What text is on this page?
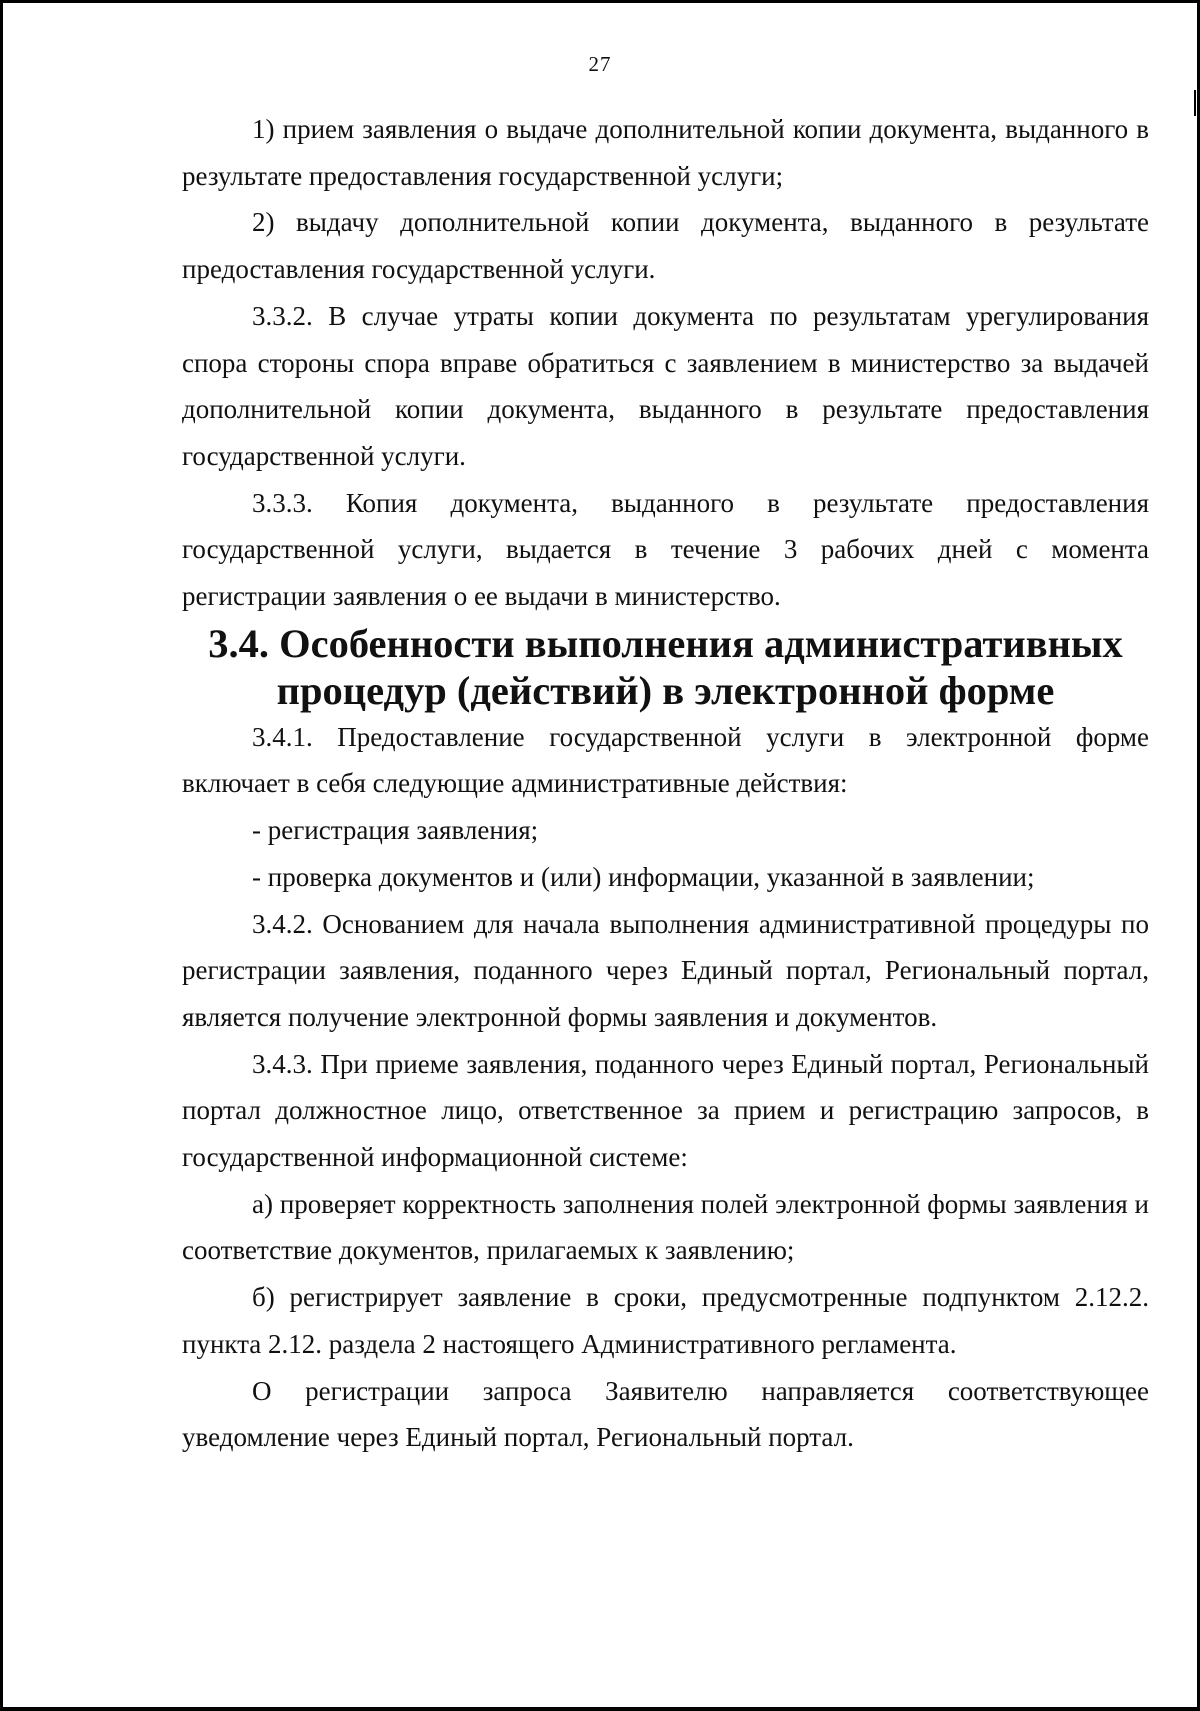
27

1) прием заявления о выдаче дополнительной копии документа, выданного в результате предоставления государственной услуги;

2) выдачу дополнительной копии документа, выданного в результате предоставления государственной услуги.

3.3.2. В случае утраты копии документа по результатам урегулирования спора стороны спора вправе обратиться с заявлением в министерство за выдачей дополнительной копии документа, выданного в результате предоставления государственной услуги.

3.3.3. Копия документа, выданного в результате предоставления государственной услуги, выдается в течение 3 рабочих дней с момента регистрации заявления о ее выдачи в министерство.

3.4. Особенности выполнения административных процедур (действий) в электронной форме

3.4.1. Предоставление государственной услуги в электронной форме включает в себя следующие административные действия:

- регистрация заявления;

- проверка документов и (или) информации, указанной в заявлении;

3.4.2. Основанием для начала выполнения административной процедуры по регистрации заявления, поданного через Единый портал, Региональный портал, является получение электронной формы заявления и документов.

3.4.3. При приеме заявления, поданного через Единый портал, Региональный портал должностное лицо, ответственное за прием и регистрацию запросов, в государственной информационной системе:

а) проверяет корректность заполнения полей электронной формы заявления и соответствие документов, прилагаемых к заявлению;

б) регистрирует заявление в сроки, предусмотренные подпунктом 2.12.2. пункта 2.12. раздела 2 настоящего Административного регламента.

О регистрации запроса Заявителю направляется соответствующее уведомление через Единый портал, Региональный портал.
